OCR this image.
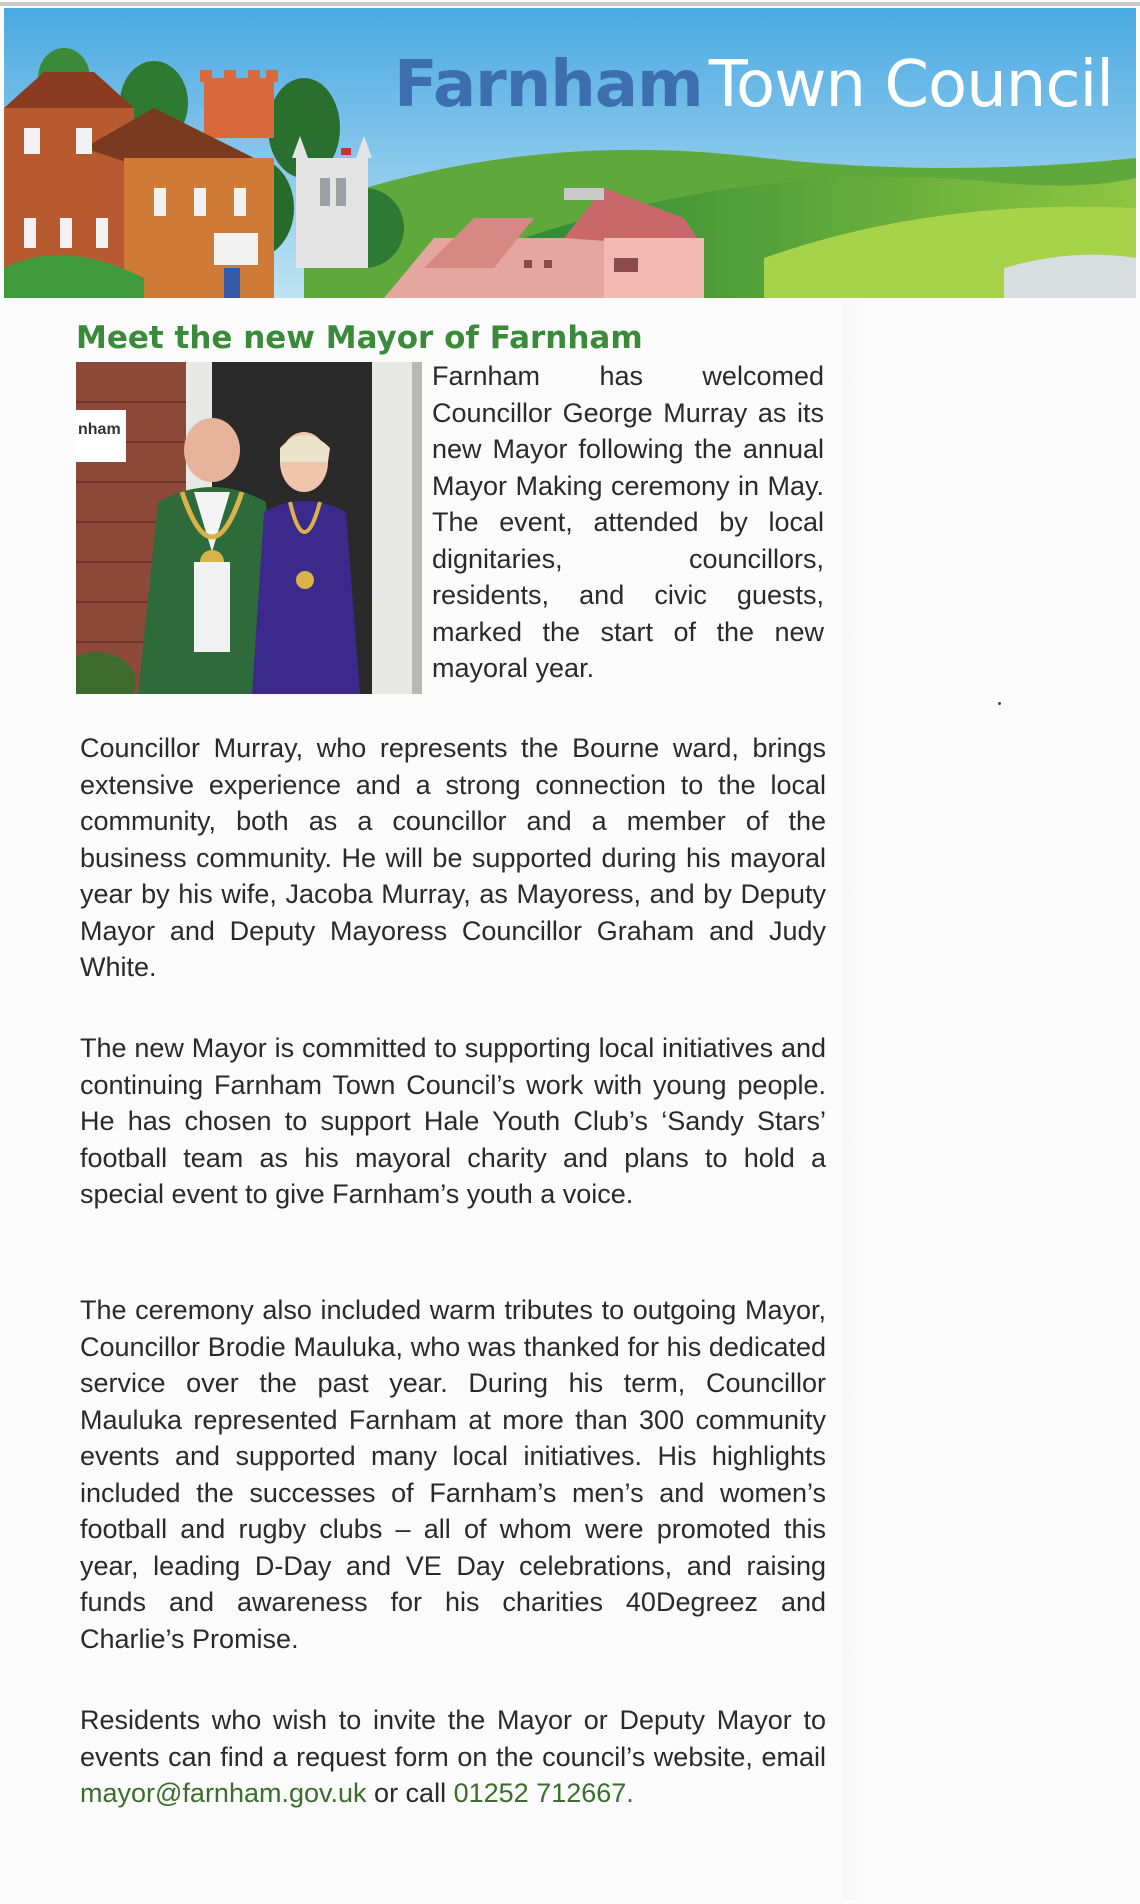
FarnhamTown Council
Meet the new Mayor of Farnham
nham

Farnham has welcomed Councillor George Murray as its new Mayor following the annual Mayor Making ceremony in May. The event, attended by local dignitaries, councillors, residents, and civic guests, marked the start of the new mayoral year.

Councillor Murray, who represents the Bourne ward, brings extensive experience and a strong connection to the local community, both as a councillor and a member of the business community. He will be supported during his mayoral year by his wife, Jacoba Murray, as Mayoress, and by Deputy Mayor and Deputy Mayoress Councillor Graham and Judy White.

The new Mayor is committed to supporting local initiatives and continuing Farnham Town Council’s work with young people. He has chosen to support Hale Youth Club’s ‘Sandy Stars’ football team as his mayoral charity and plans to hold a special event to give Farnham’s youth a voice.

The ceremony also included warm tributes to outgoing Mayor, Councillor Brodie Mauluka, who was thanked for his dedicated service over the past year. During his term, Councillor Mauluka represented Farnham at more than 300 community events and supported many local initiatives. His highlights included the successes of Farnham’s men’s and women’s football and rugby clubs – all of whom were promoted this year, leading D-Day and VE Day celebrations, and raising funds and awareness for his charities 40Degreez and Charlie’s Promise.

Residents who wish to invite the Mayor or Deputy Mayor to events can find a request form on the council’s website, email mayor@farnham.gov.uk or call 01252 712667.
